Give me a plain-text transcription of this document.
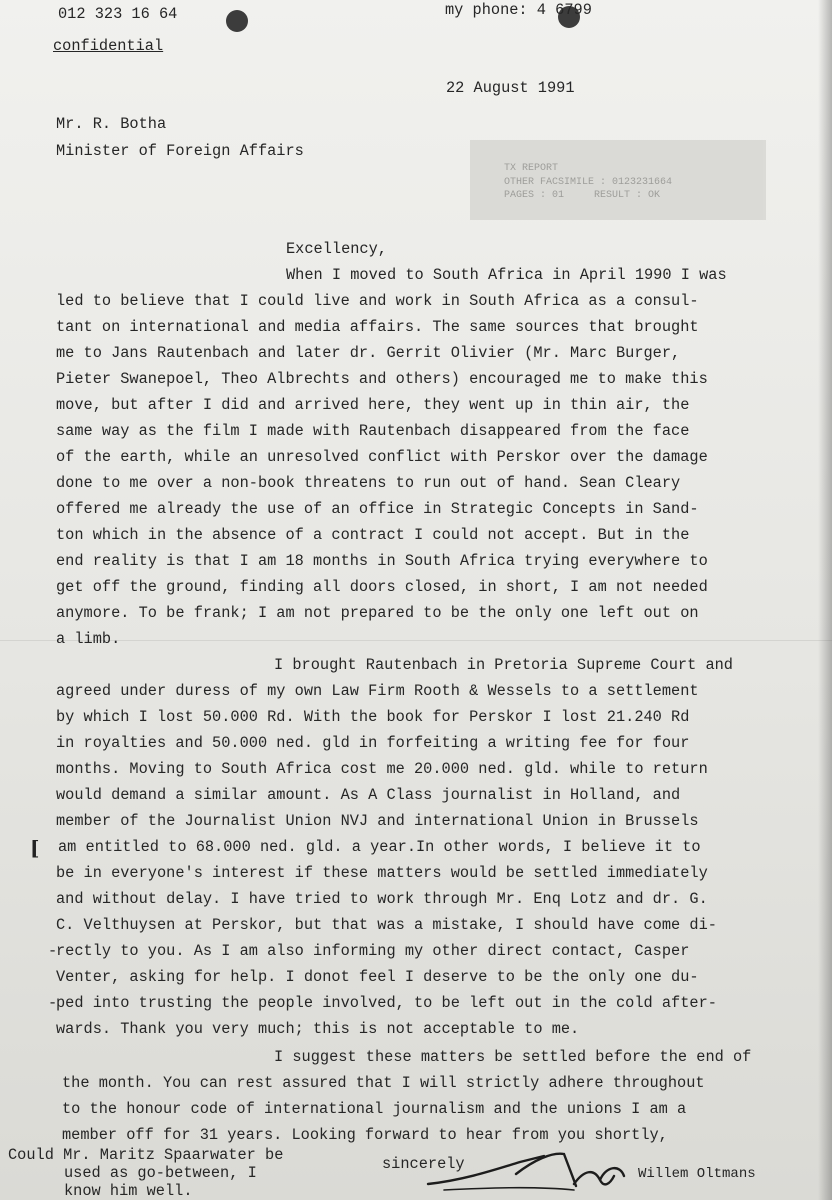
012 323 16 64	my phone: 4 6799
confidential
22 August 1991
Mr. R. Botha
Minister of Foreign Affairs
TX REPORT
OTHER FACSIMILE : 0123231664
PAGES : 01     RESULT : OK
Excellency,
When I moved to South Africa in April 1990 I was
led to believe that I could live and work in South Africa as a consul-
tant on international and media affairs. The same sources that brought
me to Jans Rautenbach and later dr. Gerrit Olivier (Mr. Marc Burger,
Pieter Swanepoel, Theo Albrechts and others) encouraged me to make this
move, but after I did and arrived here, they went up in thin air, the
same way as the film I made with Rautenbach disappeared from the face
of the earth, while an unresolved conflict with Perskor over the damage
done to me over a non-book threatens to run out of hand. Sean Cleary
offered me already the use of an office in Strategic Concepts in Sand-
ton which in the absence of a contract I could not accept. But in the
end reality is that I am 18 months in South Africa trying everywhere to
get off the ground, finding all doors closed, in short, I am not needed
anymore. To be frank; I am not prepared to be the only one left out on
a limb.
I brought Rautenbach in Pretoria Supreme Court and
agreed under duress of my own Law Firm Rooth & Wessels to a settlement
by which I lost 50.000 Rd. With the book for Perskor I lost 21.240 Rd
in royalties and 50.000 ned. gld in forfeiting a writing fee for four
months. Moving to South Africa cost me 20.000 ned. gld. while to return
would demand a similar amount. As A Class journalist in Holland, and
member of the Journalist Union NVJ and international Union in Brussels
[ am entitled to 68.000 ned. gld. a year.In other words, I believe it to
be in everyone's interest if these matters would be settled immediately
and without delay. I have tried to work through Mr. Enq Lotz and dr. G.
C. Velthuysen at Perskor, but that was a mistake, I should have come di-
-
rectly to you. As I am also informing my other direct contact, Casper
Venter, asking for help. I donot feel I deserve to be the only one du-
-
ped into trusting the people involved, to be left out in the cold after-
wards. Thank you very much; this is not acceptable to me.
I suggest these matters be settled before the end of
the month. You can rest assured that I will strictly adhere throughout
to the honour code of international journalism and the unions I am a
member off for 31 years. Looking forward to hear from you shortly,
Could Mr. Maritz Spaarwater be
used as go-between, I
know him well.
sincerely
Willem Oltmans
